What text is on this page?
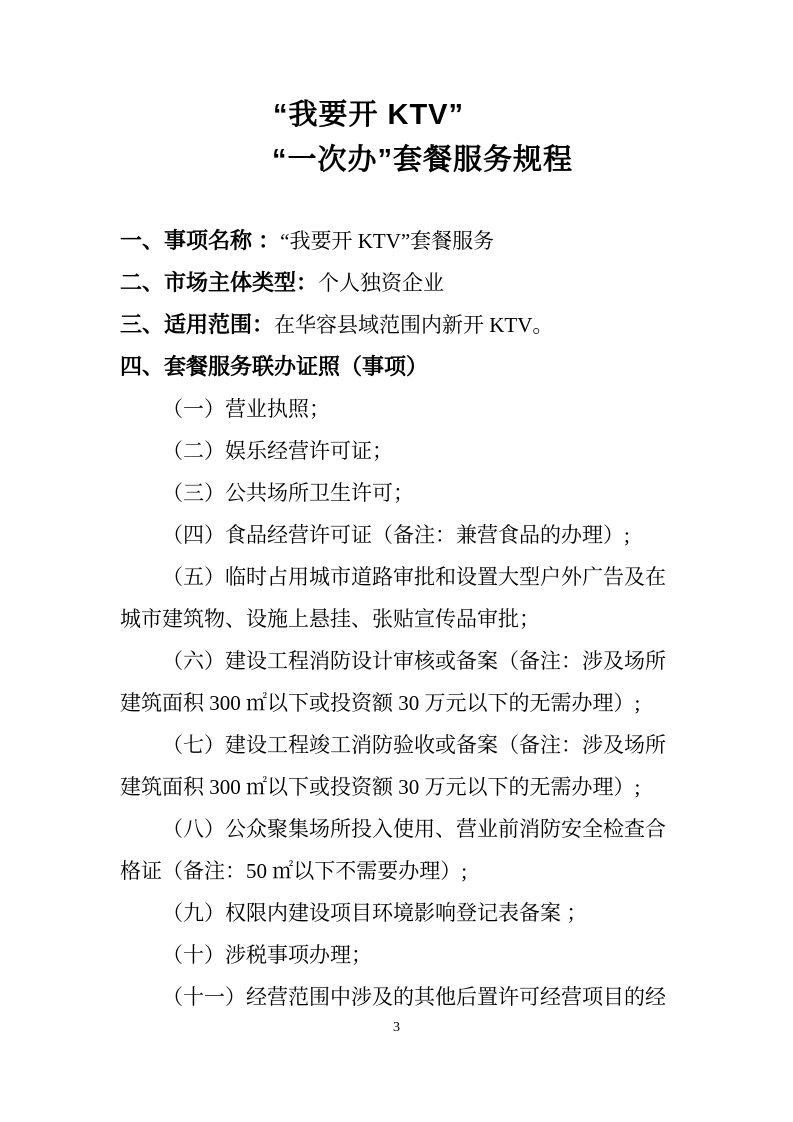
“我要开 KTV”
“一次办”套餐服务规程
一、事项名称 ：“我要开 KTV”套餐服务
二、市场主体类型：个人独资企业
三、适用范围：在华容县域范围内新开 KTV。
四、套餐服务联办证照（事项）
（一）营业执照；
（二）娱乐经营许可证；
（三）公共场所卫生许可；
（四）食品经营许可证（备注：兼营食品的办理）;
（五）临时占用城市道路审批和设置大型户外广告及在
城市建筑物、设施上悬挂、张贴宣传品审批；
（六）建设工程消防设计审核或备案（备注：涉及场所
建筑面积 300 ㎡以下或投资额 30 万元以下的无需办理）;
（七）建设工程竣工消防验收或备案（备注：涉及场所
建筑面积 300 ㎡以下或投资额 30 万元以下的无需办理）;
（八）公众聚集场所投入使用、营业前消防安全检查合
格证（备注：50 ㎡以下不需要办理）;
（九）权限内建设项目环境影响登记表备案 ；
（十）涉税事项办理；
（十一）经营范围中涉及的其他后置许可经营项目的经
3
